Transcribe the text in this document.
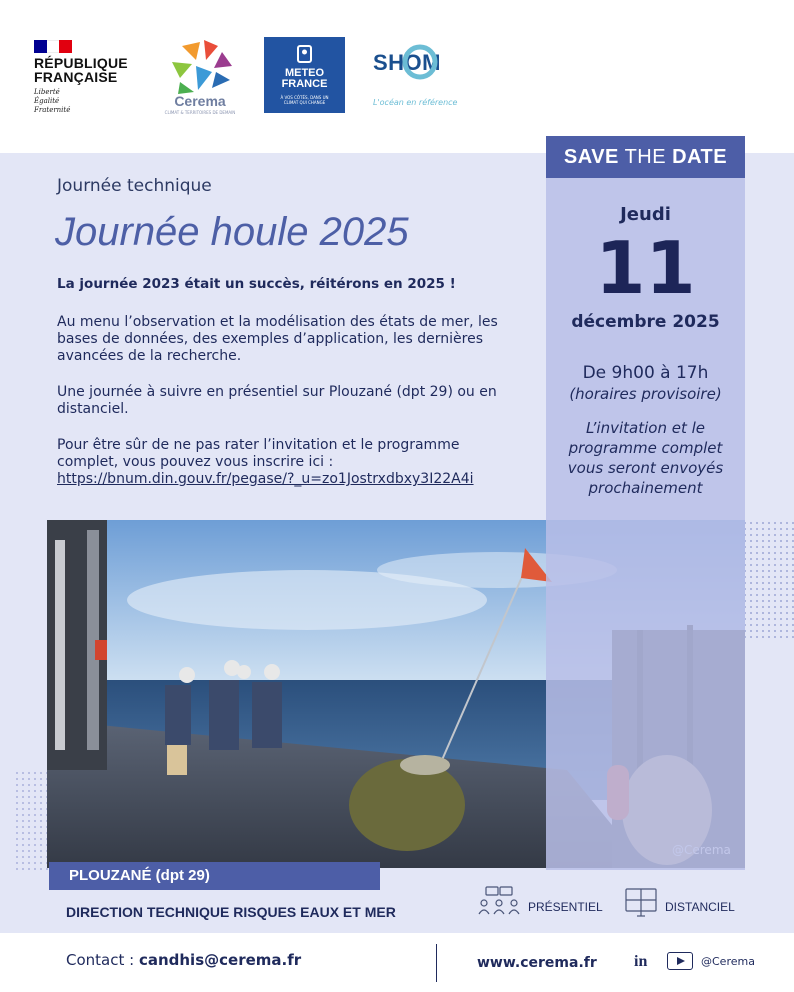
RÉPUBLIQUE
FRANÇAISE
Liberté
Égalité
Fraternité
Cerema
CLIMAT & TERRITOIRES DE DEMAIN
METEO
FRANCE
À VOS CÔTÉS, DANS UN CLIMAT QUI CHANGE
SHOM
L'océan en référence
Journée technique
Journée houle 2025
La journée 2023 était un succès, réitérons en 2025 !
Au menu l’observation et la modélisation des états de mer, les bases de données, des exemples d’application, les dernières avancées de la recherche.
Une journée à suivre en présentiel sur Plouzané (dpt 29) ou en distanciel.
Pour être sûr de ne pas rater l’invitation et le programme complet, vous pouvez vous inscrire ici :
https://bnum.din.gouv.fr/pegase/?_u=zo1Jostrxdbxy3I22A4i
SAVE THE DATE
Jeudi
11
décembre 2025
De 9h00 à 17h
(horaires provisoire)
L’invitation et le programme complet vous seront envoyés prochainement
PLOUZANÉ (dpt 29)
DIRECTION TECHNIQUE RISQUES EAUX ET MER	PRÉSENTIEL	DISTANCIEL
Contact : candhis@cerema.fr	www.cerema.fr in	@Cerema
